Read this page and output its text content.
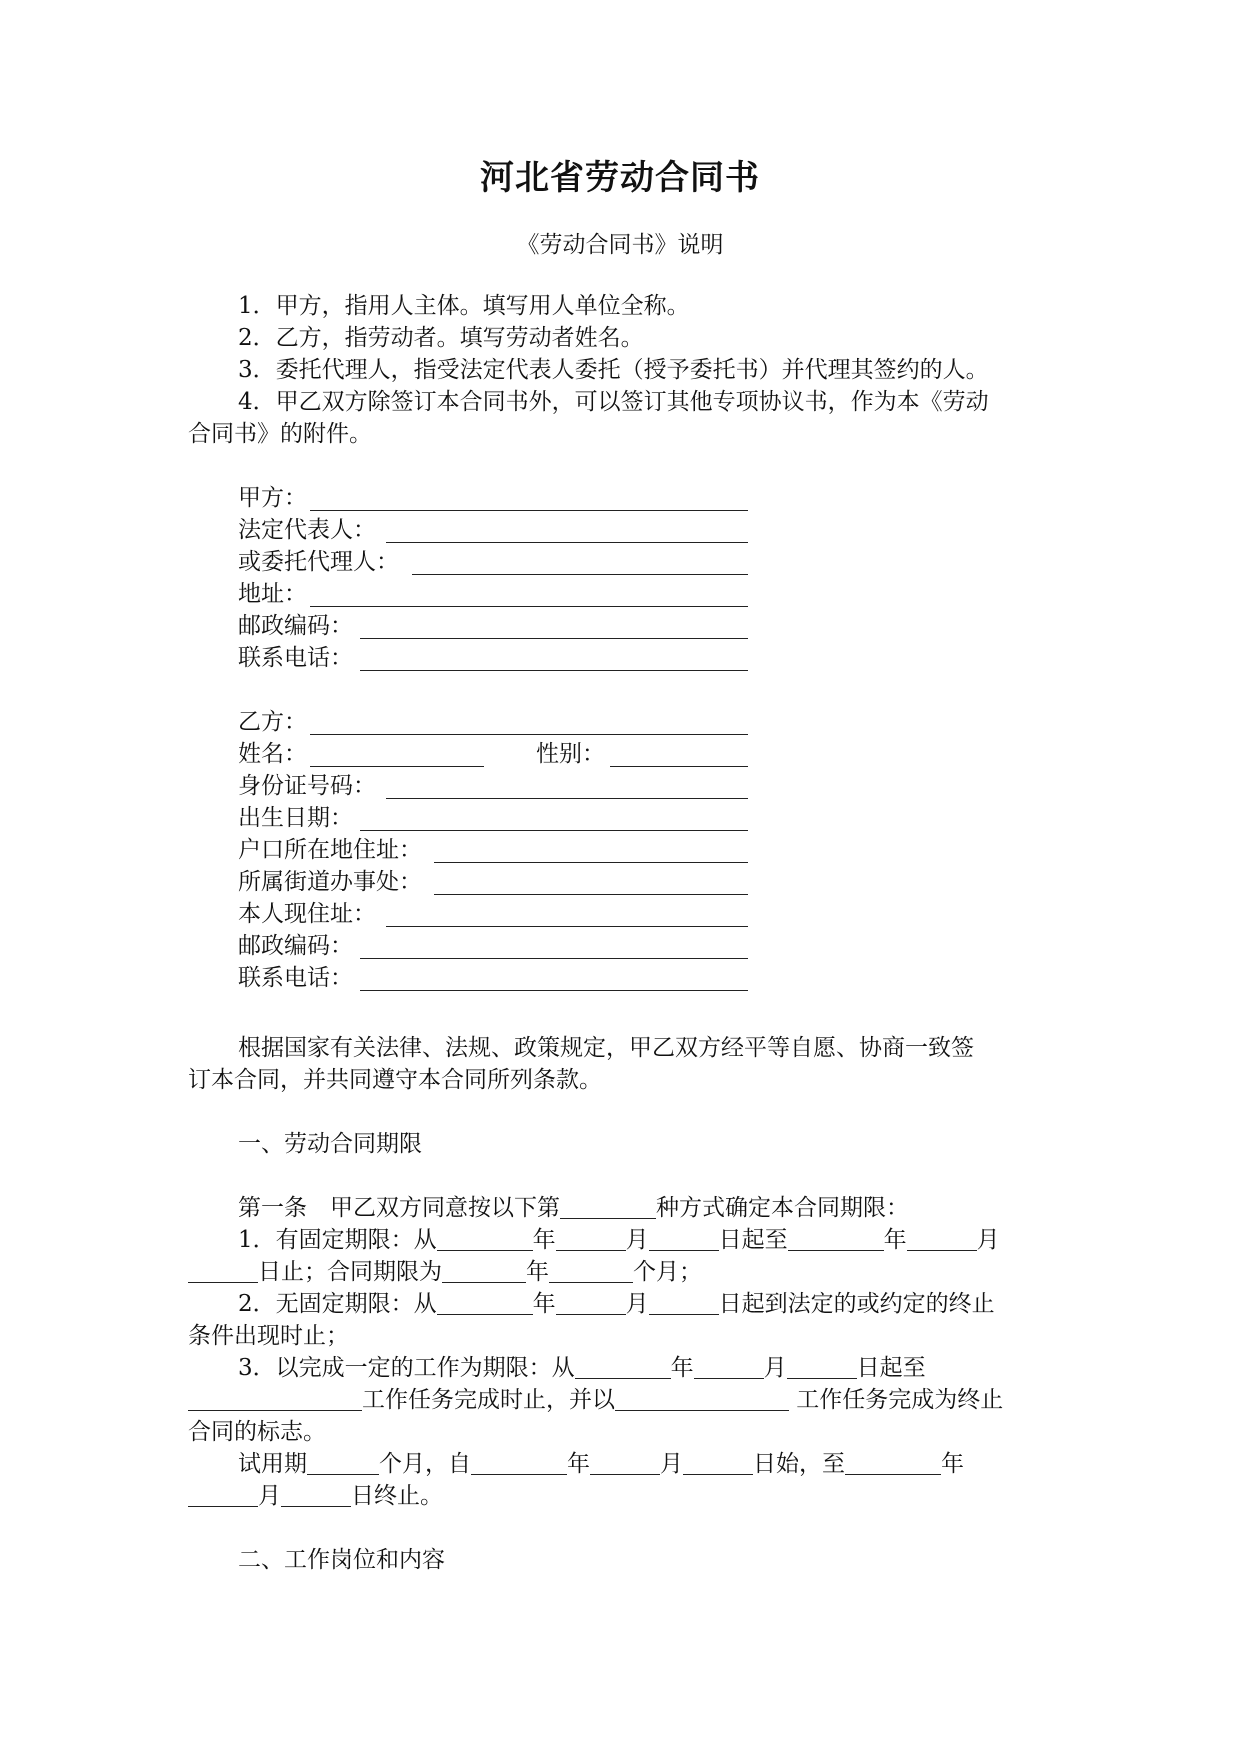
河北省劳动合同书
《劳动合同书》说明
1．甲方，指用人主体。填写用人单位全称。
2．乙方，指劳动者。填写劳动者姓名。
3．委托代理人，指受法定代表人委托（授予委托书）并代理其签约的人。
4．甲乙双方除签订本合同书外，可以签订其他专项协议书，作为本《劳动
合同书》的附件。
甲方：
法定代表人：
或委托代理人：
地址：
邮政编码：
联系电话：
乙方：
姓名：	性别：
身份证号码：
出生日期：
户口所在地住址：
所属街道办事处：
本人现住址：
邮政编码：
联系电话：
根据国家有关法律、法规、政策规定，甲乙双方经平等自愿、协商一致签
订本合同，并共同遵守本合同所列条款。
一、劳动合同期限
第一条　甲乙双方同意按以下第	种方式确定本合同期限：
1．有固定期限：从	年	月	日起至	年	月
日止；合同期限为	年	个月；
2．无固定期限：从	年	月	日起到法定的或约定的终止
条件出现时止；
3．以完成一定的工作为期限：从	年	月	日起至
工作任务完成时止，并以	工作任务完成为终止
合同的标志。
试用期	个月，自	年	月	日始，至	年
月	日终止。
二、工作岗位和内容
